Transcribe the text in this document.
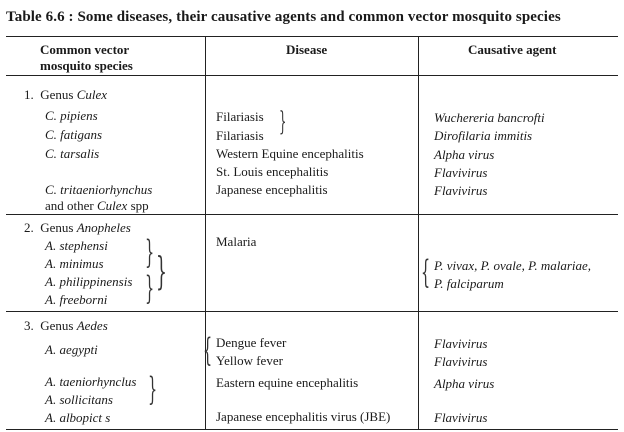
Table 6.6 : Some diseases, their causative agents and common vector mosquito species
Common vector
mosquito species
Disease	Causative agent
1. Genus Culex
C. pipiens
C. fatigans
C. tarsalis
C. tritaeniorhynchus
and other Culex spp
Filariasis
Filariasis }
Western Equine encephalitis
St. Louis encephalitis
Japanese encephalitis
Wuchereria bancrofti
Dirofilaria immitis
Alpha virus
Flavivirus
Flavivirus
2. Genus Anopheles
A. stephensi
A. minimus
A. philippinensis
A. freeborni
}
} }
Malaria
{ P. vivax, P. ovale, P. malariae,
P. falciparum
3. Genus Aedes
A. aegypti
A. taeniorhynclus
A. sollicitans
A. albopict s
}
{ Dengue fever
Yellow fever
Eastern equine encephalitis
Japanese encephalitis virus (JBE)
Flavivirus
Flavivirus
Alpha virus
Flavivirus
